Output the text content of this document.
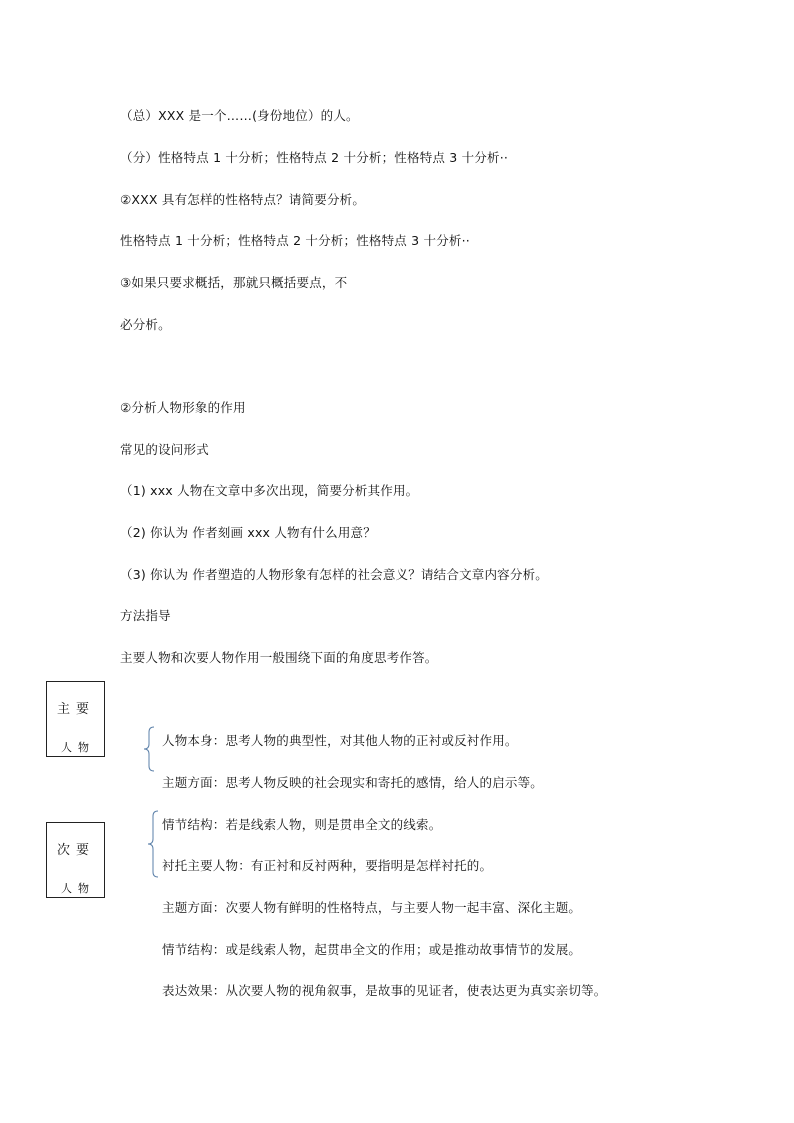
（总）XXX 是一个……(身份地位）的人。
（分）性格特点 1 十分析；性格特点 2 十分析；性格特点 3 十分析··
②XXX 具有怎样的性格特点？请简要分析。
性格特点 1 十分析；性格特点 2 十分析；性格特点 3 十分析··
③如果只要求概括，那就只概括要点，不
必分析。
②分析人物形象的作用
常见的设问形式
（1) xxx 人物在文章中多次出现，简要分析其作用。
（2) 你认为 作者刻画 xxx 人物有什么用意？
（3) 你认为 作者塑造的人物形象有怎样的社会意义？请结合文章内容分析。
方法指导
主要人物和次要人物作用一般围绕下面的角度思考作答。
主要
人物	人物本身：思考人物的典型性，对其他人物的正衬或反衬作用。
主题方面：思考人物反映的社会现实和寄托的感情，给人的启示等。
次要
人物
情节结构：若是线索人物，则是贯串全文的线索。
衬托主要人物：有正衬和反衬两种，要指明是怎样衬托的。
主题方面：次要人物有鲜明的性格特点，与主要人物一起丰富、深化主题。
情节结构：或是线索人物，起贯串全文的作用；或是推动故事情节的发展。
表达效果：从次要人物的视角叙事，是故事的见证者，使表达更为真实亲切等。
